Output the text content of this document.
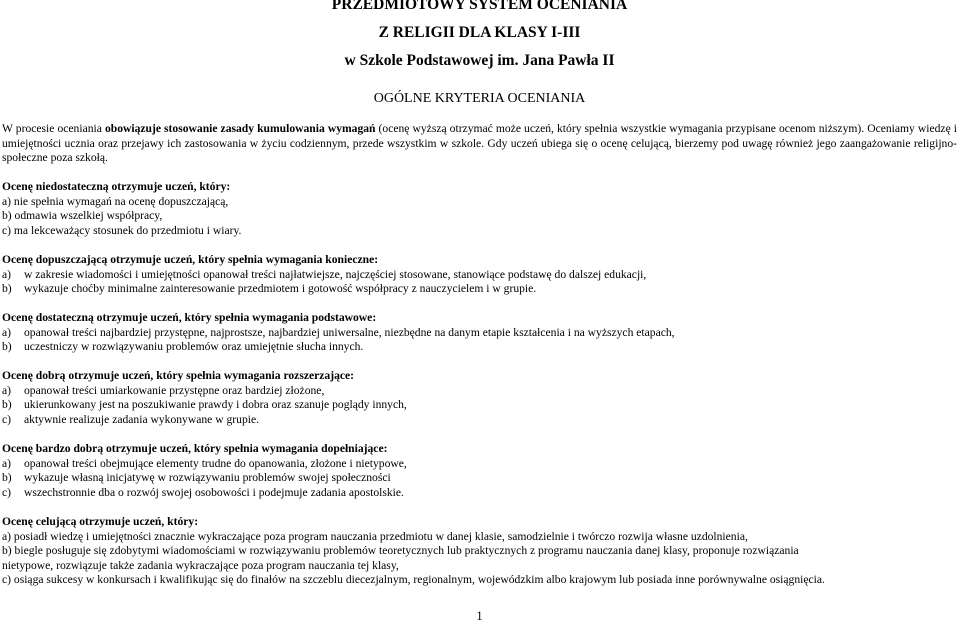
PRZEDMIOTOWY SYSTEM OCENIANIA
Z RELIGII DLA KLASY I-III
w Szkole Podstawowej im. Jana Pawła II
OGÓLNE KRYTERIA OCENIANIA
W procesie oceniania obowiązuje stosowanie zasady kumulowania wymagań (ocenę wyższą otrzymać może uczeń, który spełnia wszystkie wymagania przypisane ocenom niższym). Oceniamy wiedzę i umiejętności ucznia oraz przejawy ich zastosowania w życiu codziennym, przede wszystkim w szkole. Gdy uczeń ubiega się o ocenę celującą, bierzemy pod uwagę również jego zaangażowanie religijno-społeczne poza szkołą.
Ocenę niedostateczną otrzymuje uczeń, który:
a) nie spełnia wymagań na ocenę dopuszczającą,
b) odmawia wszelkiej współpracy,
c) ma lekceważący stosunek do przedmiotu i wiary.
Ocenę dopuszczającą otrzymuje uczeń, który spełnia wymagania konieczne:
a)	w zakresie wiadomości i umiejętności opanował treści najłatwiejsze, najczęściej stosowane, stanowiące podstawę do dalszej edukacji,
b)	wykazuje choćby minimalne zainteresowanie przedmiotem i gotowość współpracy z nauczycielem i w grupie.
Ocenę dostateczną otrzymuje uczeń, który spełnia wymagania podstawowe:
a)	opanował treści najbardziej przystępne, najprostsze, najbardziej uniwersalne, niezbędne na danym etapie kształcenia i na wyższych etapach,
b)	uczestniczy w rozwiązywaniu problemów oraz umiejętnie słucha innych.
Ocenę dobrą otrzymuje uczeń, który spełnia wymagania rozszerzające:
a)	opanował treści umiarkowanie przystępne oraz bardziej złożone,
b)	ukierunkowany jest na poszukiwanie prawdy i dobra oraz szanuje poglądy innych,
c)	aktywnie realizuje zadania wykonywane w grupie.
Ocenę bardzo dobrą otrzymuje uczeń, który spełnia wymagania dopełniające:
a)	opanował treści obejmujące elementy trudne do opanowania, złożone i nietypowe,
b)	wykazuje własną inicjatywę w rozwiązywaniu problemów swojej społeczności
c)	wszechstronnie dba o rozwój swojej osobowości i podejmuje zadania apostolskie.
Ocenę celującą otrzymuje uczeń, który:
a) posiadł wiedzę i umiejętności znacznie wykraczające poza program nauczania przedmiotu w danej klasie, samodzielnie i twórczo rozwija własne uzdolnienia,
b) biegle posługuje się zdobytymi wiadomościami w rozwiązywaniu problemów teoretycznych lub praktycznych z programu nauczania danej klasy, proponuje rozwiązania
nietypowe, rozwiązuje także zadania wykraczające poza program nauczania tej klasy,
c) osiąga sukcesy w konkursach i kwalifikując się do finałów na szczeblu diecezjalnym, regionalnym, wojewódzkim albo krajowym lub posiada inne porównywalne osiągnięcia.
1
